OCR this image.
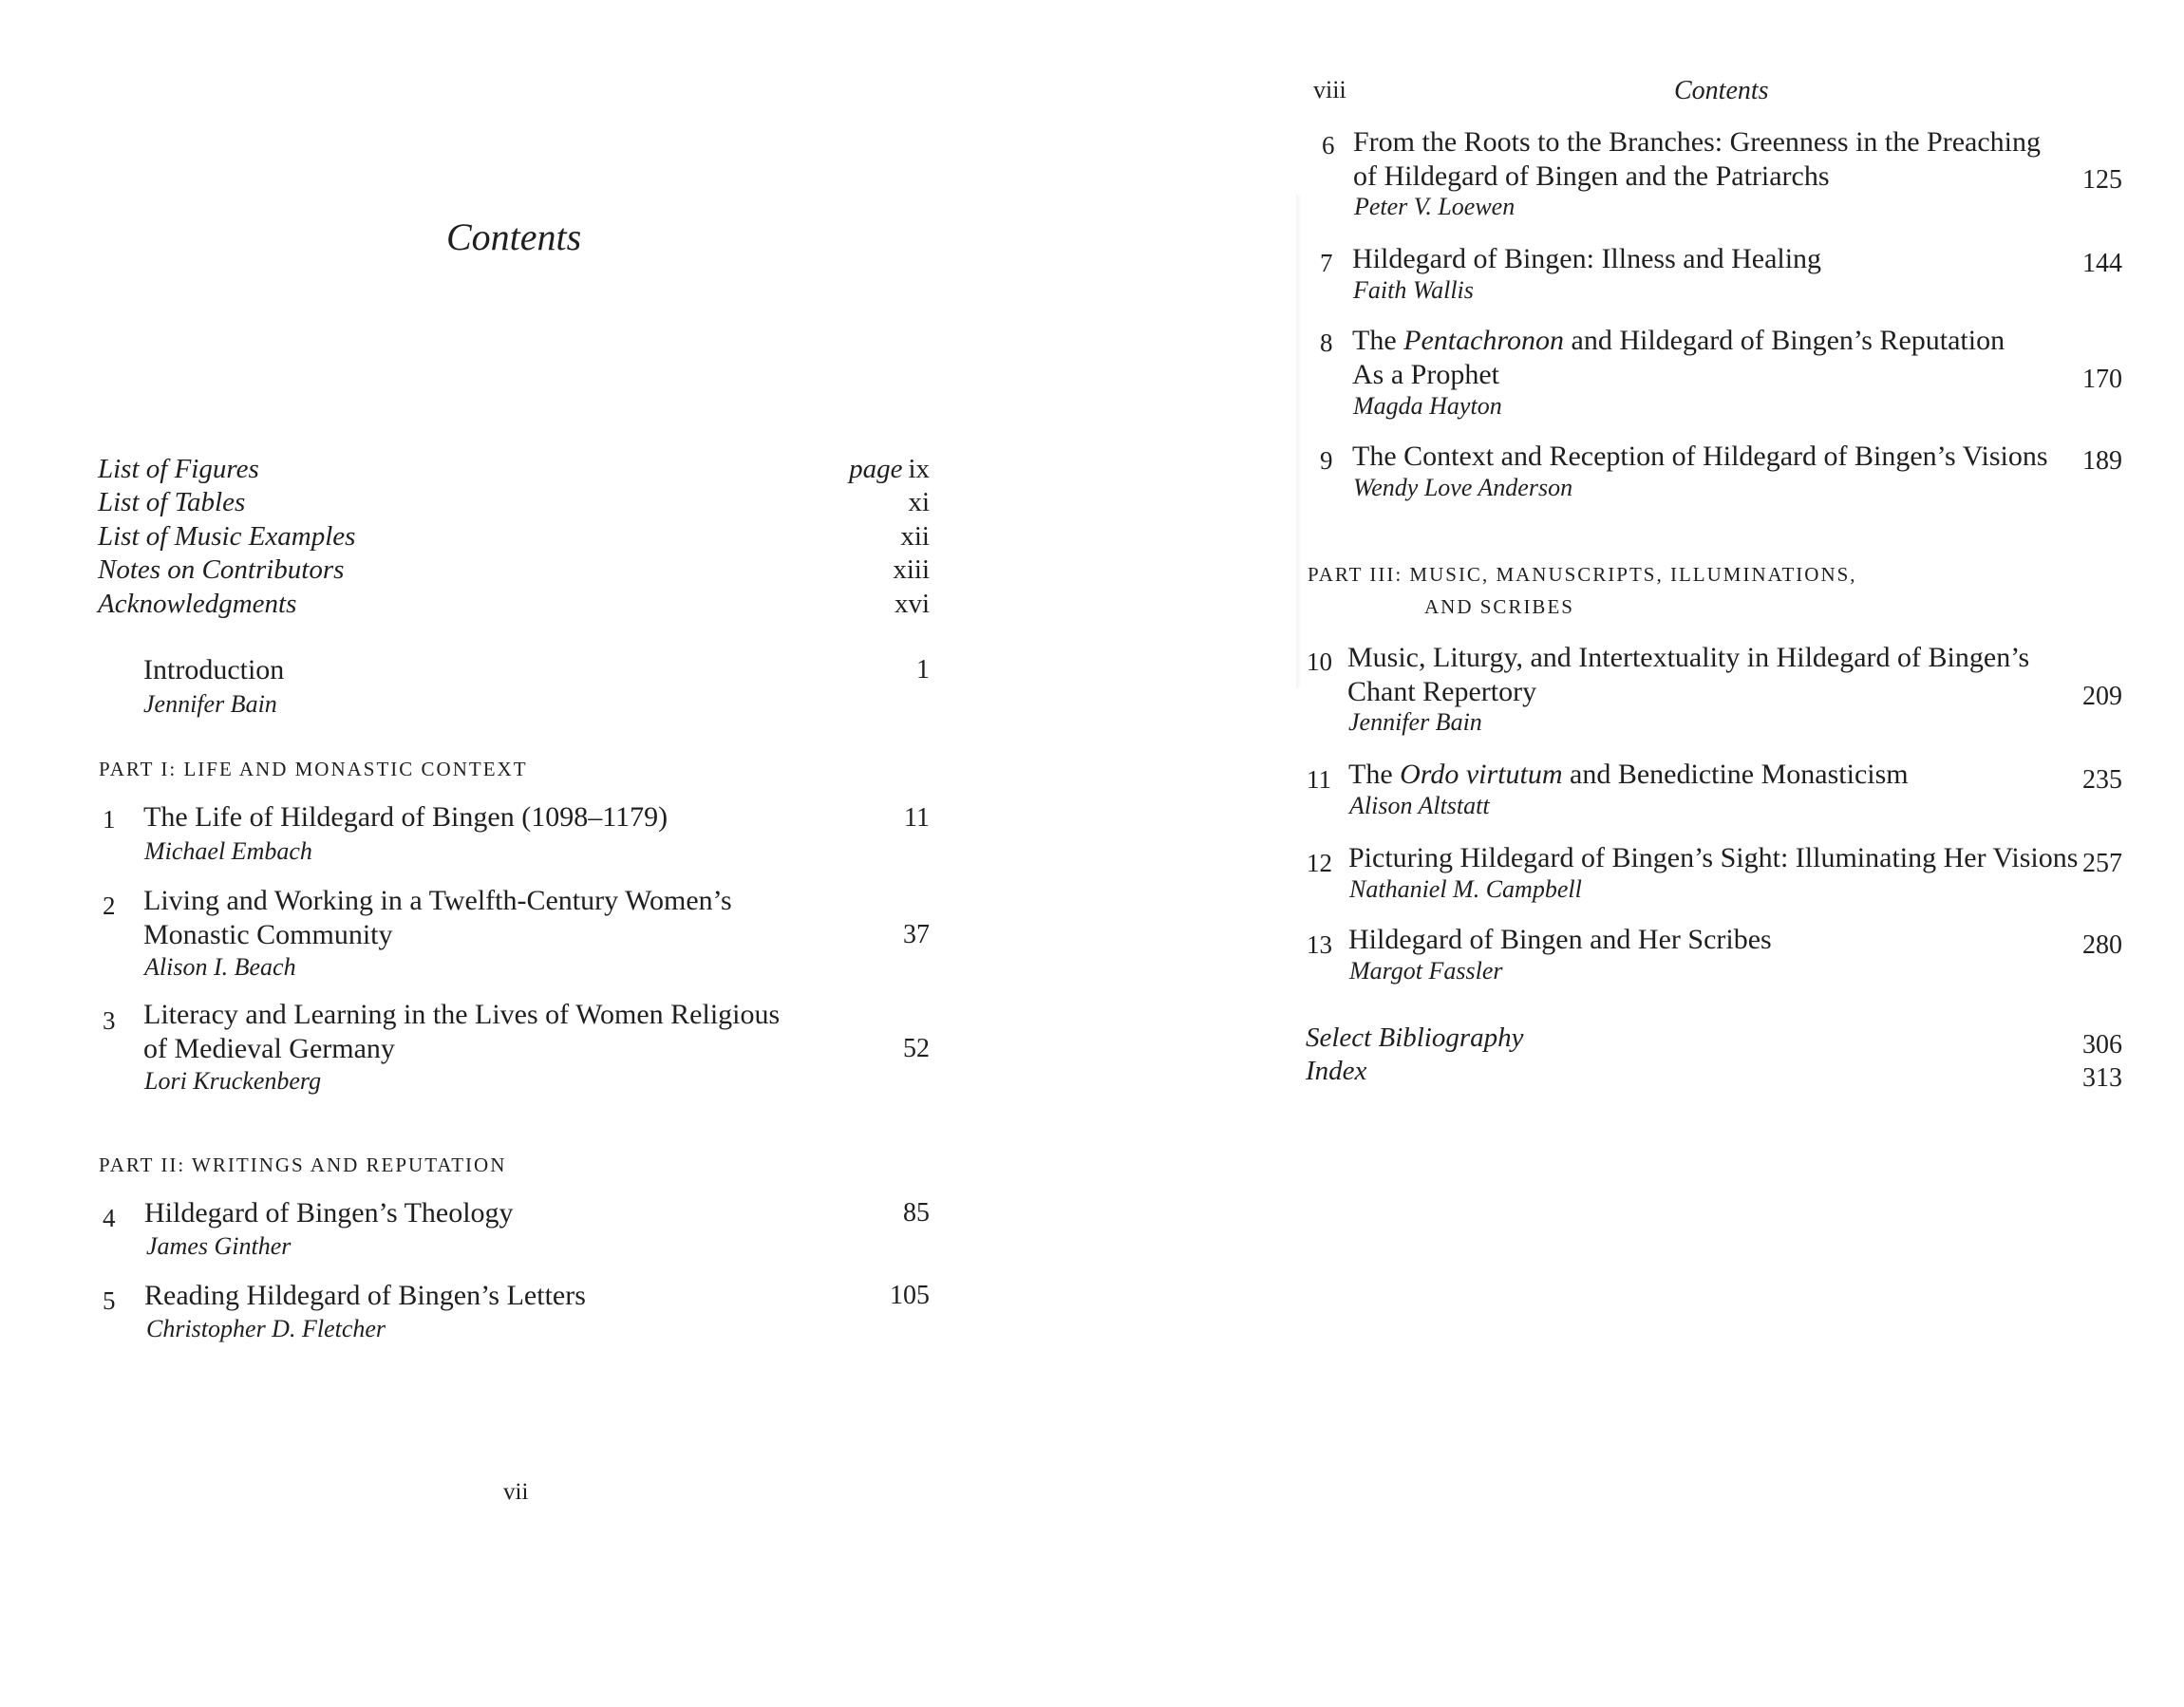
Contents
List of Figures	page ix
List of Tables	xi
List of Music Examples	xii
Notes on Contributors	xiii
Acknowledgments	xvi
Introduction	1
Jennifer Bain
PART I: LIFE AND MONASTIC CONTEXT
1 The Life of Hildegard of Bingen (1098–1179)	11
Michael Embach
2 Living and Working in a Twelfth-Century Women’s
Monastic Community	37
Alison I. Beach
3 Literacy and Learning in the Lives of Women Religious
of Medieval Germany	52
Lori Kruckenberg
PART II: WRITINGS AND REPUTATION
4 Hildegard of Bingen’s Theology	85
James Ginther
5 Reading Hildegard of Bingen’s Letters	105
Christopher D. Fletcher
vii
viii	Contents
6 From the Roots to the Branches: Greenness in the Preaching
of Hildegard of Bingen and the Patriarchs	125
Peter V. Loewen
7 Hildegard of Bingen: Illness and Healing	144
Faith Wallis
8 The Pentachronon and Hildegard of Bingen’s Reputation
As a Prophet	170
Magda Hayton
9 The Context and Reception of Hildegard of Bingen’s Visions 189
Wendy Love Anderson
PART III: MUSIC, MANUSCRIPTS, ILLUMINATIONS,
AND SCRIBES
10 Music, Liturgy, and Intertextuality in Hildegard of Bingen’s
Chant Repertory	209
Jennifer Bain
11 The Ordo virtutum and Benedictine Monasticism	235
Alison Altstatt
12 Picturing Hildegard of Bingen’s Sight: Illuminating Her Visions 257
Nathaniel M. Campbell
13 Hildegard of Bingen and Her Scribes	280
Margot Fassler
Select Bibliography	306
Index	313
